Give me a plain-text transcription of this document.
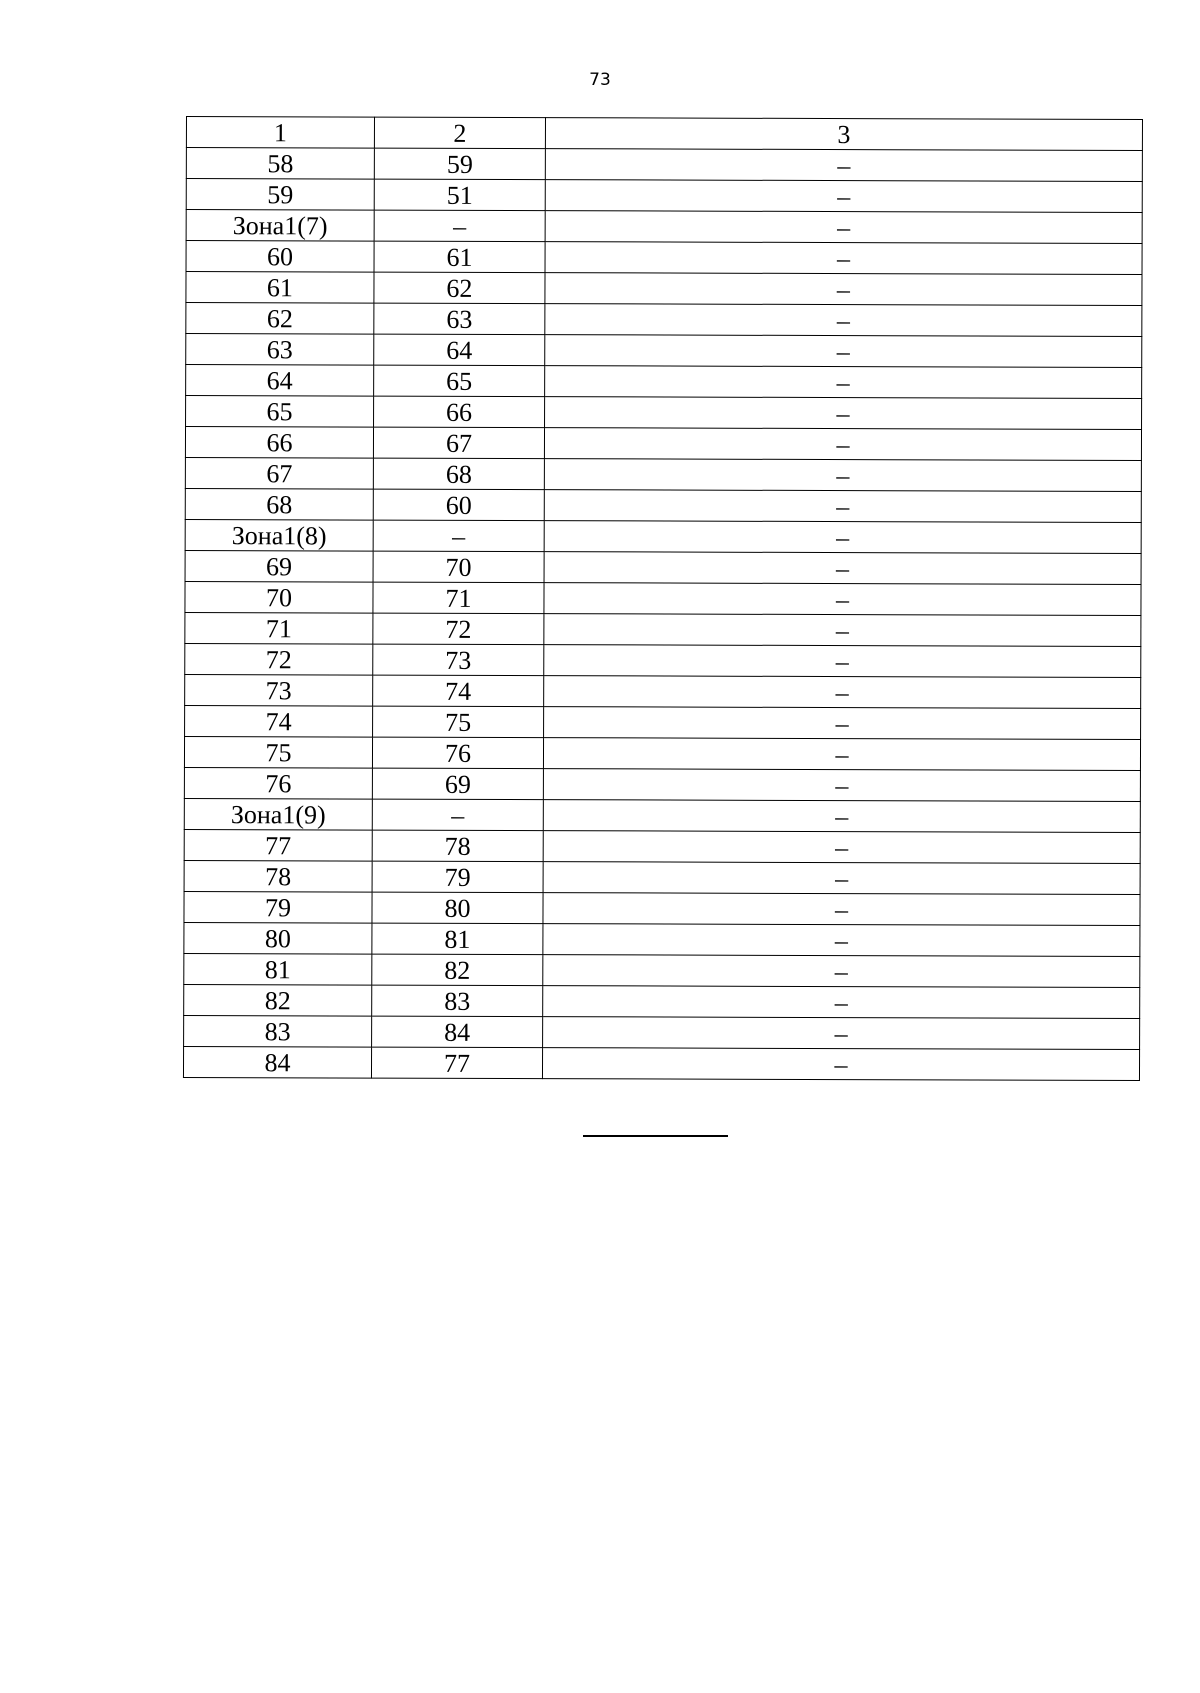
73
1	2	3
58	59	–
59	51	–
Зона1(7)	–	–
60	61	–
61	62	–
62	63	–
63	64	–
64	65	–
65	66	–
66	67	–
67	68	–
68	60	–
Зона1(8)	–	–
69	70	–
70	71	–
71	72	–
72	73	–
73	74	–
74	75	–
75	76	–
76	69	–
Зона1(9)	–	–
77	78	–
78	79	–
79	80	–
80	81	–
81	82	–
82	83	–
83	84	–
84	77	–
